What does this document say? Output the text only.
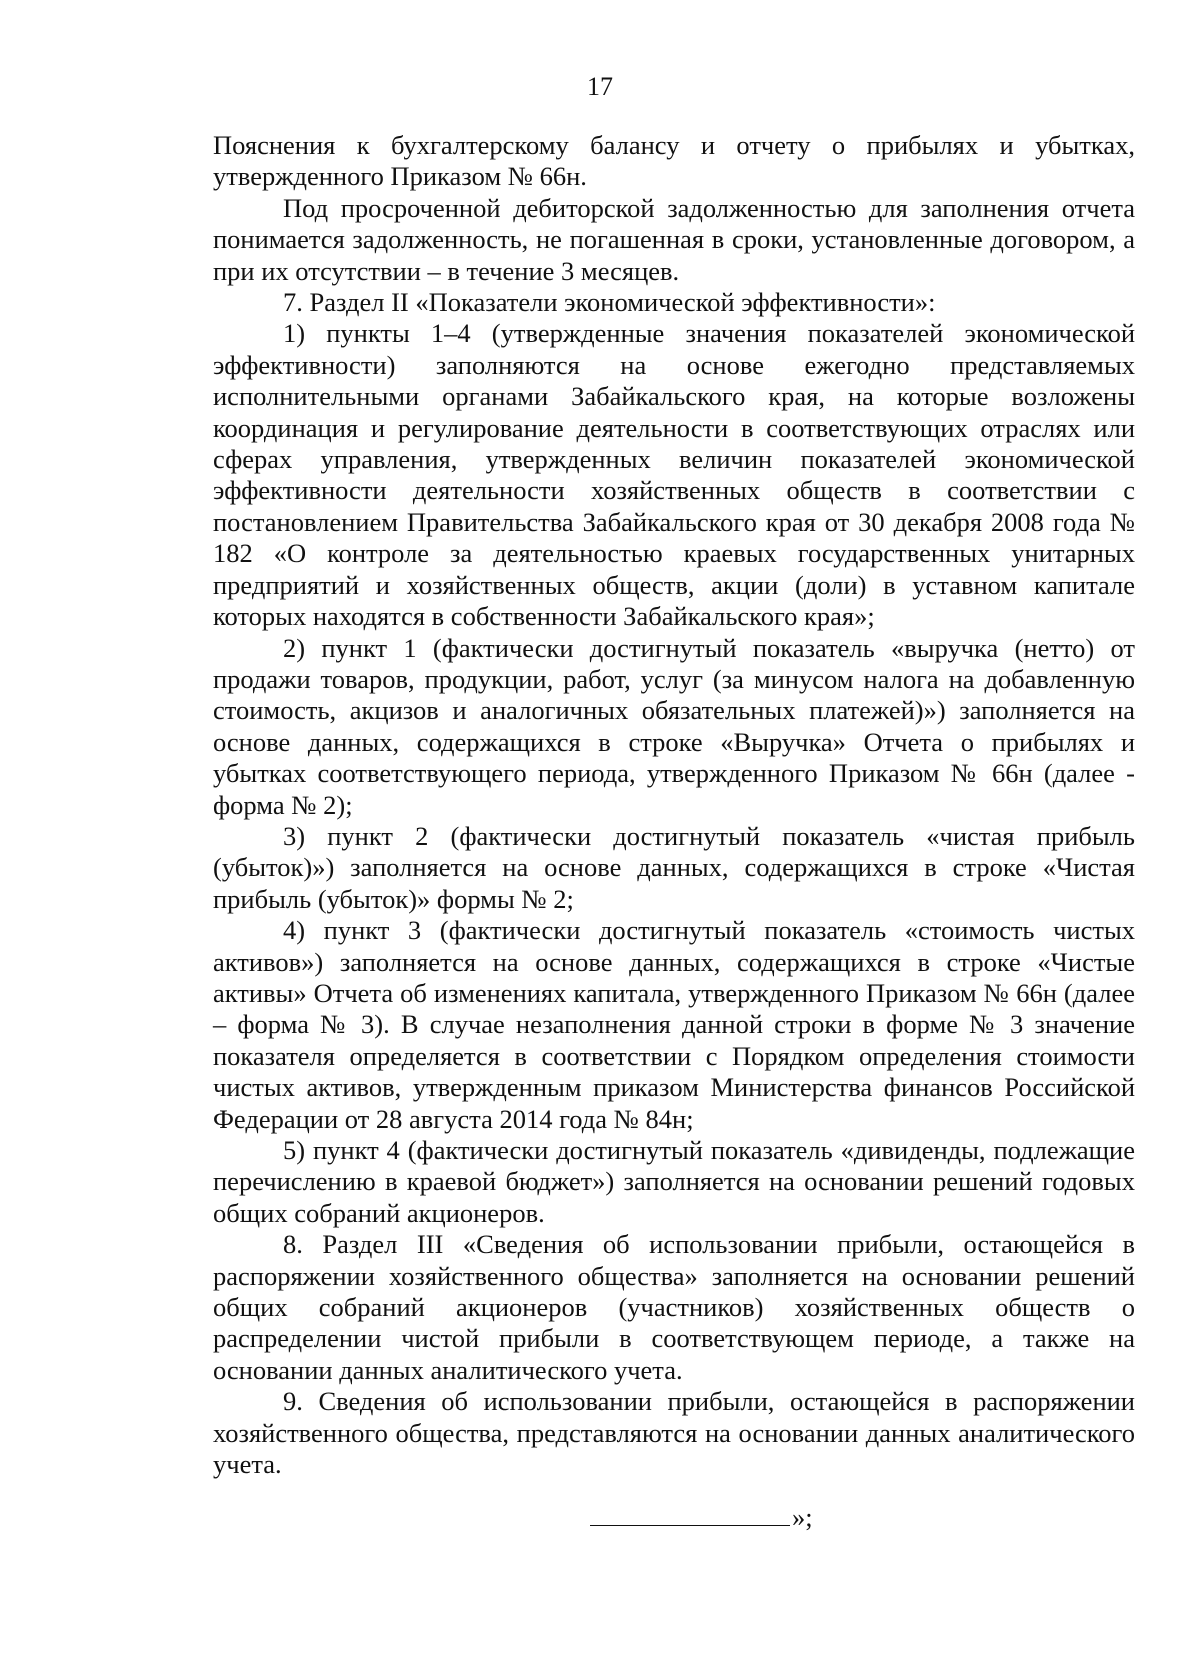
17

Пояснения к бухгалтерскому балансу и отчету о прибылях и убытках, утвержденного Приказом № 66н.

Под просроченной дебиторской задолженностью для заполнения отчета понимается задолженность, не погашенная в сроки, установленные договором, а при их отсутствии – в течение 3 месяцев.

7. Раздел II «Показатели экономической эффективности»:

1) пункты 1–4 (утвержденные значения показателей экономической эффективности) заполняются на основе ежегодно представляемых исполнительными органами Забайкальского края, на которые возложены координация и регулирование деятельности в соответствующих отраслях или сферах управления, утвержденных величин показателей экономической эффективности деятельности хозяйственных обществ в соответствии с постановлением Правительства Забайкальского края от 30 декабря 2008 года № 182 «О контроле за деятельностью краевых государственных унитарных предприятий и хозяйственных обществ, акции (доли) в уставном капитале которых находятся в собственности Забайкальского края»;

2) пункт 1 (фактически достигнутый показатель «выручка (нетто) от продажи товаров, продукции, работ, услуг (за минусом налога на добавленную стоимость, акцизов и аналогичных обязательных платежей)») заполняется на основе данных, содержащихся в строке «Выручка» Отчета о прибылях и убытках соответствующего периода, утвержденного Приказом № 66н (далее - форма № 2);

3) пункт 2 (фактически достигнутый показатель «чистая прибыль (убыток)») заполняется на основе данных, содержащихся в строке «Чистая прибыль (убыток)» формы № 2;

4) пункт 3 (фактически достигнутый показатель «стоимость чистых активов») заполняется на основе данных, содержащихся в строке «Чистые активы» Отчета об изменениях капитала, утвержденного Приказом № 66н (далее – форма № 3). В случае незаполнения данной строки в форме № 3 значение показателя определяется в соответствии с Порядком определения стоимости чистых активов, утвержденным приказом Министерства финансов Российской Федерации от 28 августа 2014 года № 84н;

5) пункт 4 (фактически достигнутый показатель «дивиденды, подлежащие перечислению в краевой бюджет») заполняется на основании решений годовых общих собраний акционеров.

8. Раздел III «Сведения об использовании прибыли, остающейся в распоряжении хозяйственного общества» заполняется на основании решений общих собраний акционеров (участников) хозяйственных обществ о распределении чистой прибыли в соответствующем периоде, а также на основании данных аналитического учета.

9. Сведения об использовании прибыли, остающейся в распоряжении хозяйственного общества, представляются на основании данных аналитического учета.

»;
